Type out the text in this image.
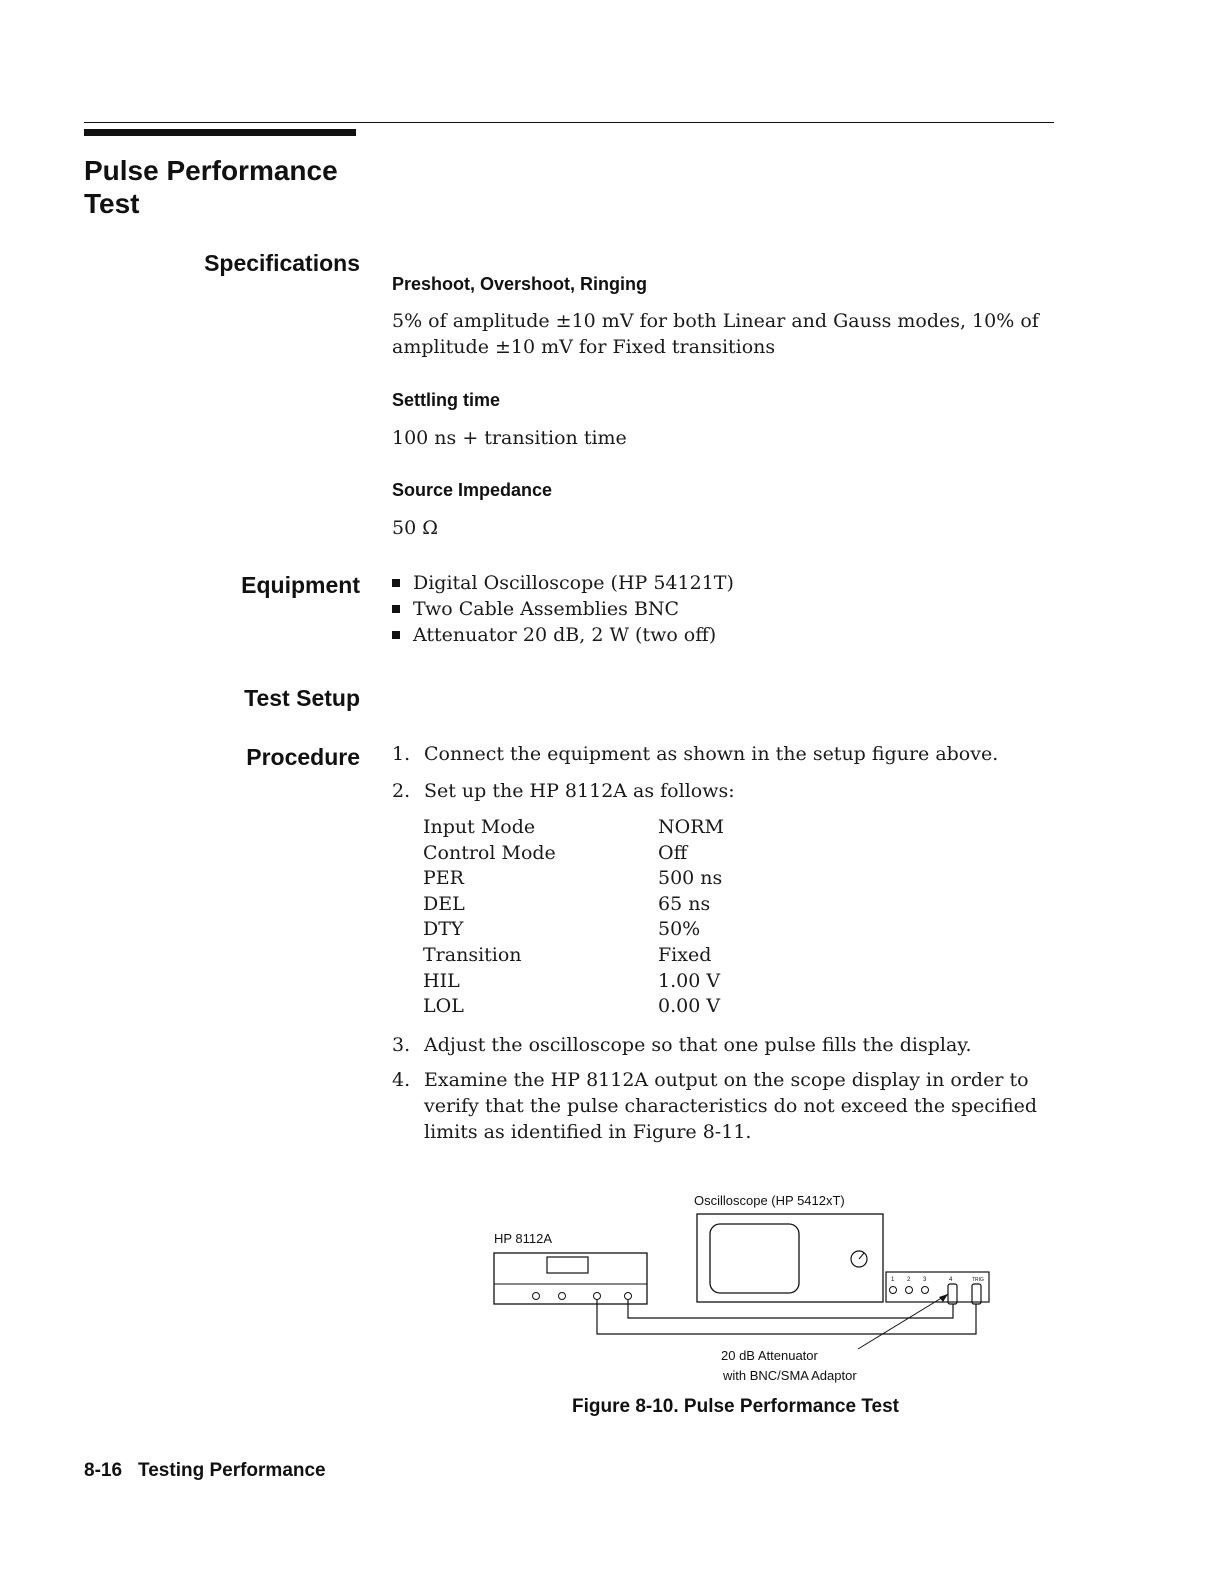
Pulse Performance
Test
Specifications
Preshoot, Overshoot, Ringing
5% of amplitude ±10 mV for both Linear and Gauss modes, 10% of
amplitude ±10 mV for Fixed transitions
Settling time
100 ns + transition time
Source Impedance
50 Ω
Equipment	Digital Oscilloscope (HP 54121T)
Two Cable Assemblies BNC
Attenuator 20 dB, 2 W (two off)
Test Setup
Procedure 1. Connect the equipment as shown in the setup figure above.
2. Set up the HP 8112A as follows:
Input Mode	NORM
Control Mode	Off
PER	500 ns
DEL	65 ns
DTY	50%
Transition	Fixed
HIL	1.00 V
LOL	0.00 V
3. Adjust the oscilloscope so that one pulse fills the display.
4. Examine the HP 8112A output on the scope display in order to verify that the pulse characteristics do not exceed the specified limits as identified in Figure 8-11.
Oscilloscope (HP 5412xT)
HP 8112A
1 2 3	4	TRIG
20 dB Attenuator
with BNC/SMA Adaptor
Figure 8-10. Pulse Performance Test
8-16 Testing Performance
